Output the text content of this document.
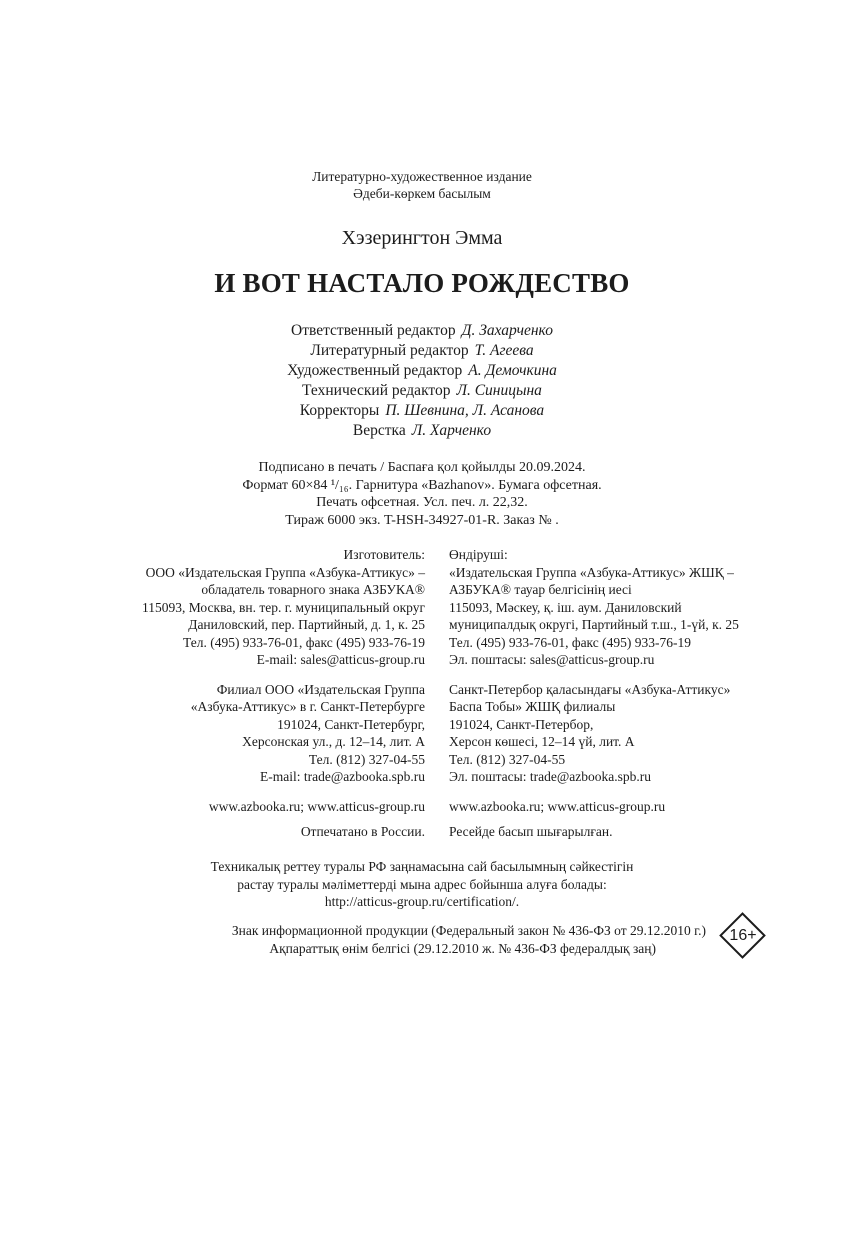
Литературно-художественное издание
Әдеби-көркем басылым
Хэзерингтон Эмма
И ВОТ НАСТАЛО РОЖДЕСТВО
Ответственный редактор Д. Захарченко
Литературный редактор Т. Агеева
Художественный редактор А. Демочкина
Технический редактор Л. Синицына
Корректоры П. Шевнина, Л. Асанова
Верстка Л. Харченко
Подписано в печать / Баспаға қол қойылды 20.09.2024.
Формат 60×84 ¹/₁₆. Гарнитура «Bazhanov». Бумага офсетная.
Печать офсетная. Усл. печ. л. 22,32.
Тираж 6000 экз. T-HSH-34927-01-R. Заказ № .
Изготовитель:
ООО «Издательская Группа «Азбука-Аттикус» –
обладатель товарного знака АЗБУКА®
115093, Москва, вн. тер. г. муниципальный округ
Даниловский, пер. Партийный, д. 1, к. 25
Тел. (495) 933-76-01, факс (495) 933-76-19
E-mail: sales@atticus-group.ru
Филиал ООО «Издательская Группа
«Азбука-Аттикус» в г. Санкт-Петербурге
191024, Санкт-Петербург,
Херсонская ул., д. 12–14, лит. А
Тел. (812) 327-04-55
E-mail: trade@azbooka.spb.ru
www.azbooka.ru; www.atticus-group.ru
Отпечатано в России.
Өндіруші:
«Издательская Группа «Азбука-Аттикус» ЖШҚ –
АЗБУКА® тауар белгісінің иесі
115093, Мәскеу, қ. іш. аум. Даниловский
муниципалдық округі, Партийный т.ш., 1-үй, к. 25
Тел. (495) 933-76-01, факс (495) 933-76-19
Эл. поштасы: sales@atticus-group.ru
Санкт-Петербор қаласындағы «Азбука-Аттикус»
Баспа Тобы» ЖШҚ филиалы
191024, Санкт-Петербор,
Херсон көшесі, 12–14 үй, лит. А
Тел. (812) 327-04-55
Эл. поштасы: trade@azbooka.spb.ru
www.azbooka.ru; www.atticus-group.ru
Ресейде басып шығарылған.
Техникалық реттеу туралы РФ заңнамасына сай басылымның сәйкестігін
растау туралы мәліметтерді мына адрес бойынша алуға болады:
http://atticus-group.ru/certification/.
Знак информационной продукции (Федеральный закон № 436-ФЗ от 29.12.2010 г.)
Ақпараттық өнім белгісі (29.12.2010 ж. № 436-ФЗ федералдық заң)
16+
